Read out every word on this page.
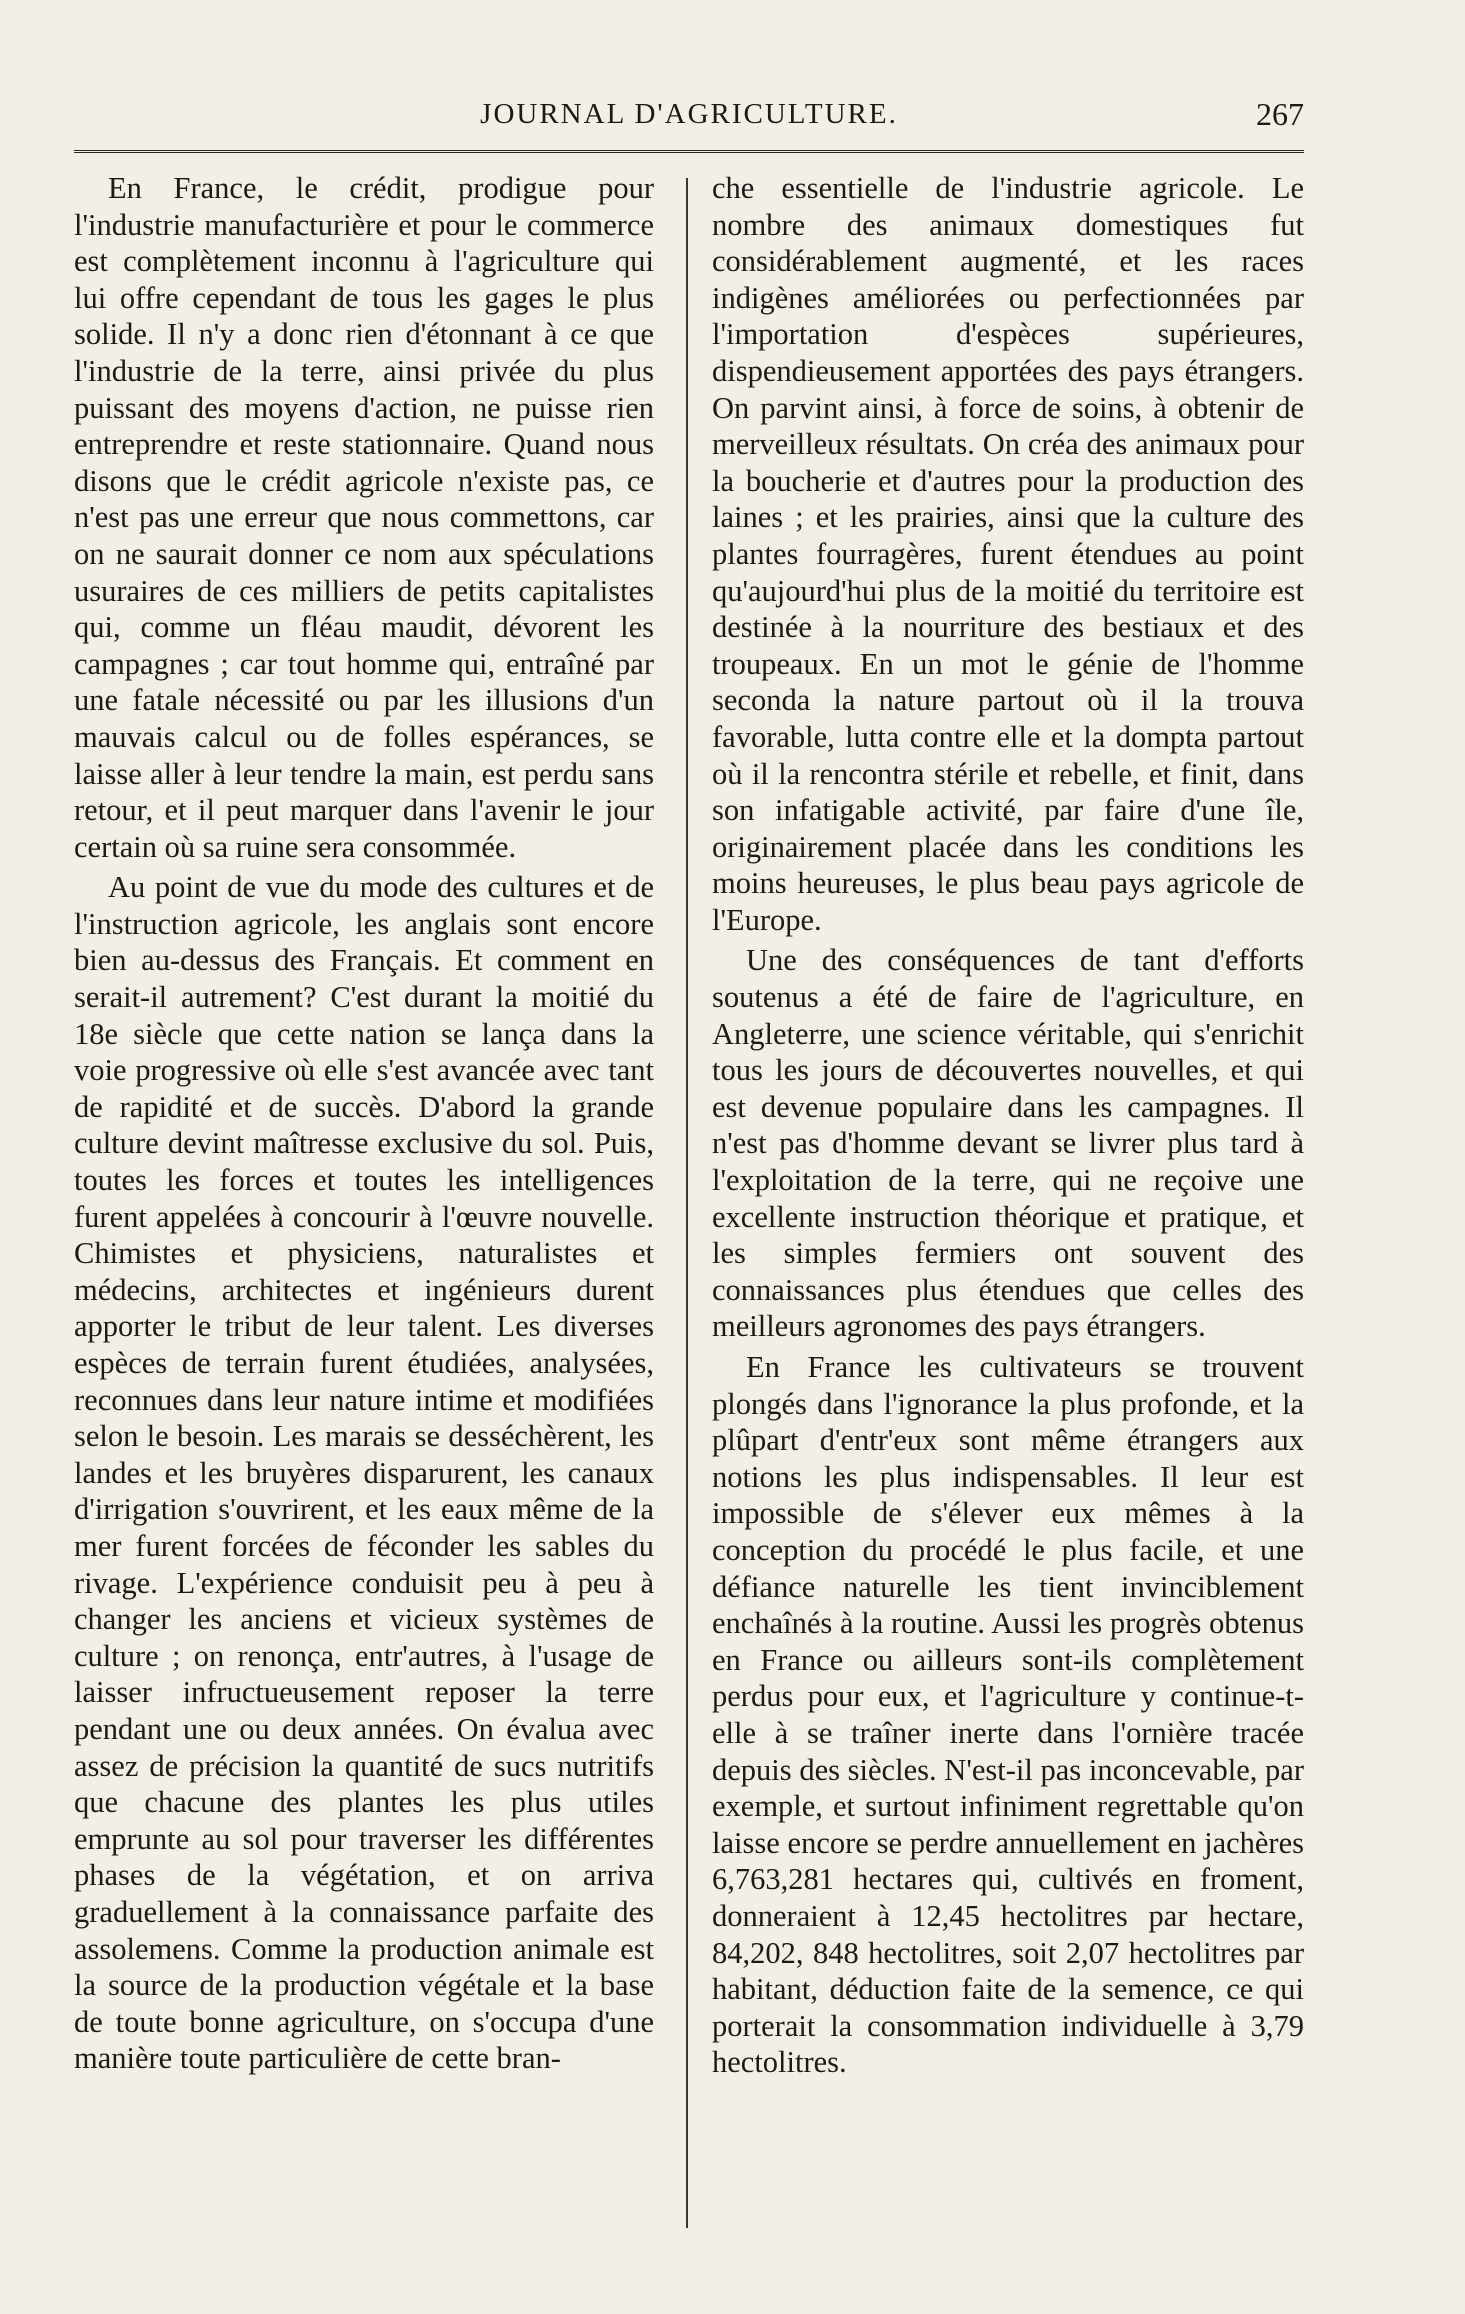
JOURNAL D'AGRICULTURE.	267

En France, le crédit, prodigue pour l'industrie manufacturière et pour le commerce est complètement inconnu à l'agriculture qui lui offre cependant de tous les gages le plus solide. Il n'y a donc rien d'étonnant à ce que l'industrie de la terre, ainsi privée du plus puissant des moyens d'action, ne puisse rien entreprendre et reste stationnaire. Quand nous disons que le crédit agricole n'existe pas, ce n'est pas une erreur que nous commettons, car on ne saurait donner ce nom aux spéculations usuraires de ces milliers de petits capitalistes qui, comme un fléau maudit, dévorent les campagnes ; car tout homme qui, entraîné par une fatale nécessité ou par les illusions d'un mauvais calcul ou de folles espérances, se laisse aller à leur tendre la main, est perdu sans retour, et il peut marquer dans l'avenir le jour certain où sa ruine sera consommée.

Au point de vue du mode des cultures et de l'instruction agricole, les anglais sont encore bien au-dessus des Français. Et comment en serait-il autrement? C'est durant la moitié du 18e siècle que cette nation se lança dans la voie progressive où elle s'est avancée avec tant de rapidité et de succès. D'abord la grande culture devint maîtresse exclusive du sol. Puis, toutes les forces et toutes les intelligences furent appelées à concourir à l'œuvre nouvelle. Chimistes et physiciens, naturalistes et médecins, architectes et ingénieurs durent apporter le tribut de leur talent. Les diverses espèces de terrain furent étudiées, analysées, reconnues dans leur nature intime et modifiées selon le besoin. Les marais se desséchèrent, les landes et les bruyères disparurent, les canaux d'irrigation s'ouvrirent, et les eaux même de la mer furent forcées de féconder les sables du rivage. L'expérience conduisit peu à peu à changer les anciens et vicieux systèmes de culture ; on renonça, entr'autres, à l'usage de laisser infructueusement reposer la terre pendant une ou deux années. On évalua avec assez de précision la quantité de sucs nutritifs que chacune des plantes les plus utiles emprunte au sol pour traverser les différentes phases de la végétation, et on arriva graduellement à la connaissance parfaite des assolemens. Comme la production animale est la source de la production végétale et la base de toute bonne agriculture, on s'occupa d'une manière toute particulière de cette bran-

che essentielle de l'industrie agricole. Le nombre des animaux domestiques fut considérablement augmenté, et les races indigènes améliorées ou perfectionnées par l'importation d'espèces supérieures, dispendieusement apportées des pays étrangers. On parvint ainsi, à force de soins, à obtenir de merveilleux résultats. On créa des animaux pour la boucherie et d'autres pour la production des laines ; et les prairies, ainsi que la culture des plantes fourragères, furent étendues au point qu'aujourd'hui plus de la moitié du territoire est destinée à la nourriture des bestiaux et des troupeaux. En un mot le génie de l'homme seconda la nature partout où il la trouva favorable, lutta contre elle et la dompta partout où il la rencontra stérile et rebelle, et finit, dans son infatigable activité, par faire d'une île, originairement placée dans les conditions les moins heureuses, le plus beau pays agricole de l'Europe.

Une des conséquences de tant d'efforts soutenus a été de faire de l'agriculture, en Angleterre, une science véritable, qui s'enrichit tous les jours de découvertes nouvelles, et qui est devenue populaire dans les campagnes. Il n'est pas d'homme devant se livrer plus tard à l'exploitation de la terre, qui ne reçoive une excellente instruction théorique et pratique, et les simples fermiers ont souvent des connaissances plus étendues que celles des meilleurs agronomes des pays étrangers.

En France les cultivateurs se trouvent plongés dans l'ignorance la plus profonde, et la plûpart d'entr'eux sont même étrangers aux notions les plus indispensables. Il leur est impossible de s'élever eux mêmes à la conception du procédé le plus facile, et une défiance naturelle les tient invinciblement enchaînés à la routine. Aussi les progrès obtenus en France ou ailleurs sont-ils complètement perdus pour eux, et l'agriculture y continue-t-elle à se traîner inerte dans l'ornière tracée depuis des siècles. N'est-il pas inconcevable, par exemple, et surtout infiniment regrettable qu'on laisse encore se perdre annuellement en jachères 6,763,281 hectares qui, cultivés en froment, donneraient à 12,45 hectolitres par hectare, 84,202, 848 hectolitres, soit 2,07 hectolitres par habitant, déduction faite de la semence, ce qui porterait la consommation individuelle à 3,79 hectolitres.
